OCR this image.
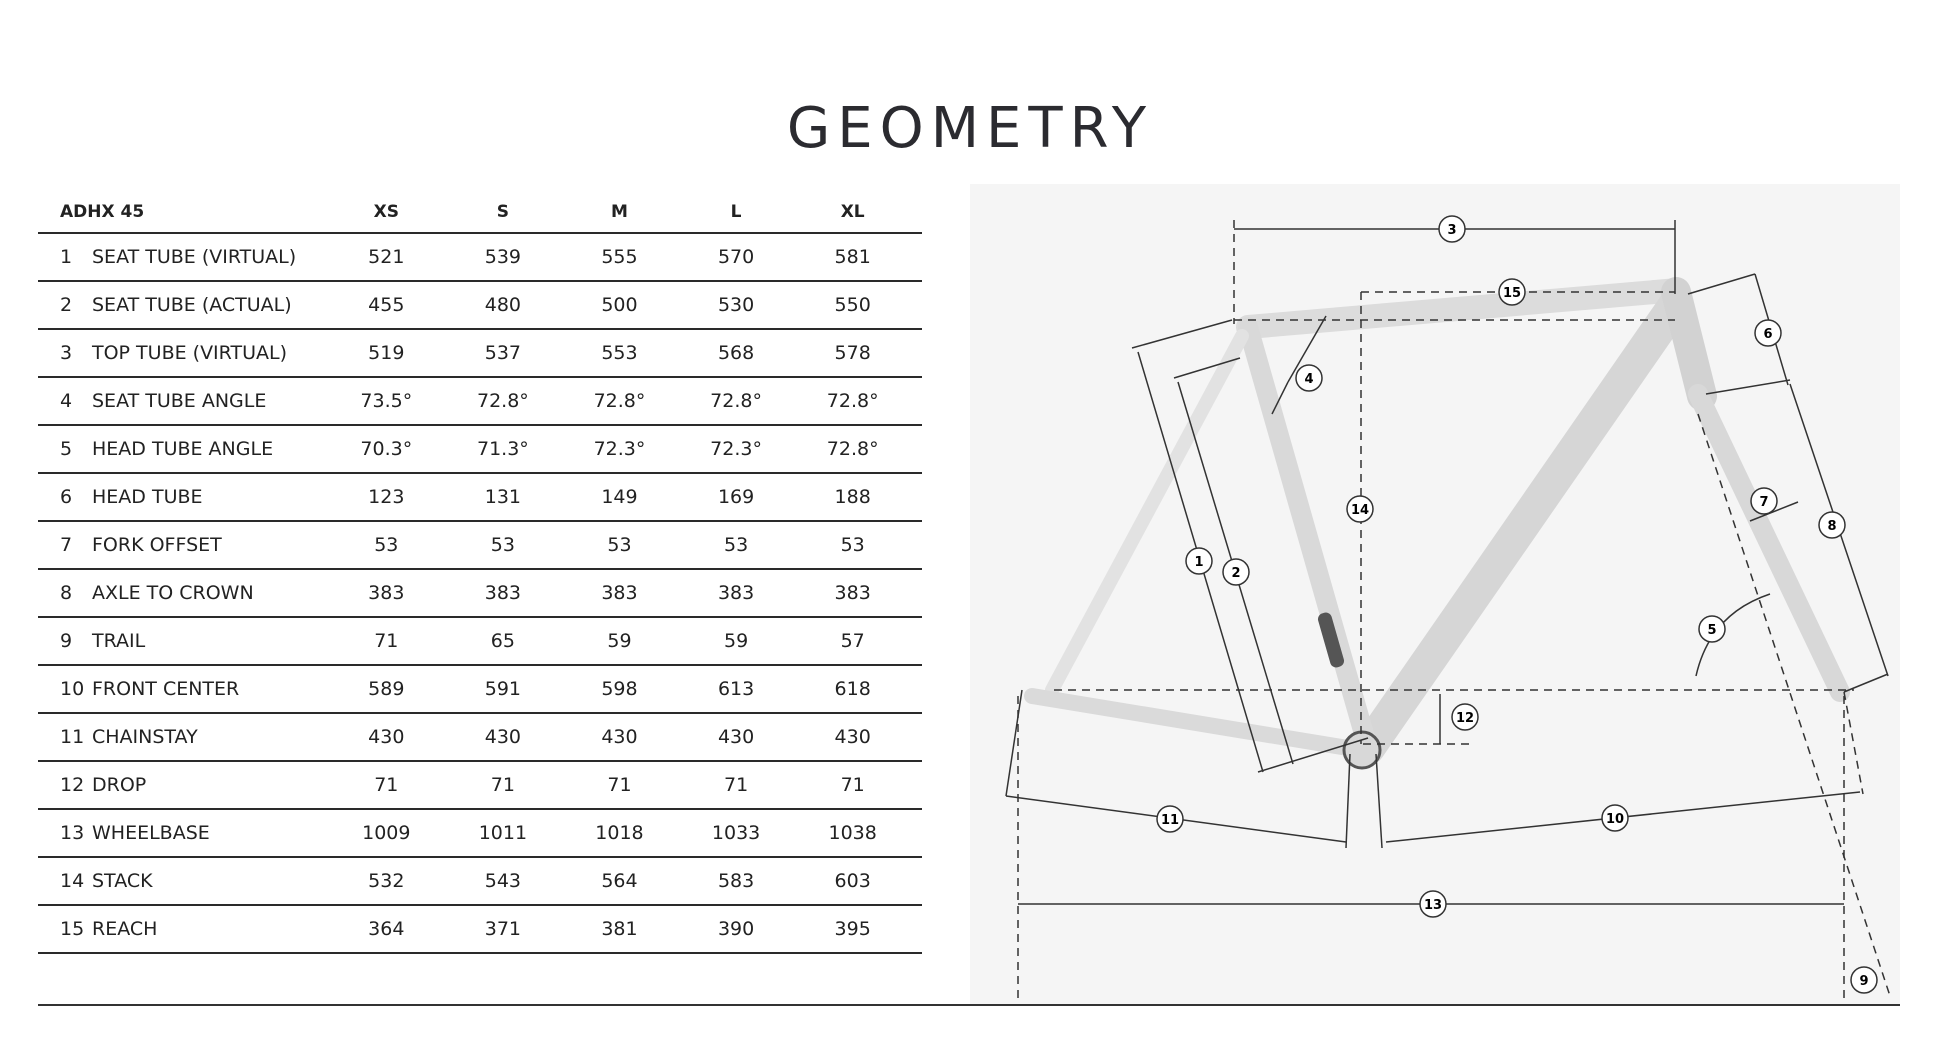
GEOMETRY
ADHX 45	XS	S	M	L	XL
1	SEAT TUBE (VIRTUAL)	521	539	555	570	581
2	SEAT TUBE (ACTUAL)	455	480	500	530	550
3	TOP TUBE (VIRTUAL)	519	537	553	568	578
4	SEAT TUBE ANGLE	73.5°	72.8°	72.8°	72.8°	72.8°
5	HEAD TUBE ANGLE	70.3°	71.3°	72.3°	72.3°	72.8°
6	HEAD TUBE	123	131	149	169	188
7	FORK OFFSET	53	53	53	53	53
8	AXLE TO CROWN	383	383	383	383	383
9	TRAIL	71	65	59	59	57
10 FRONT CENTER	589	591	598	613	618
11 CHAINSTAY	430	430	430	430	430
12 DROP	71	71	71	71	71
13 WHEELBASE	1009	1011	1018	1033	1038
14 STACK	532	543	564	583	603
15 REACH	364	371	381	390	395
3
15
4
6
14
7
8
1
2
5
12
11	10
13
9
